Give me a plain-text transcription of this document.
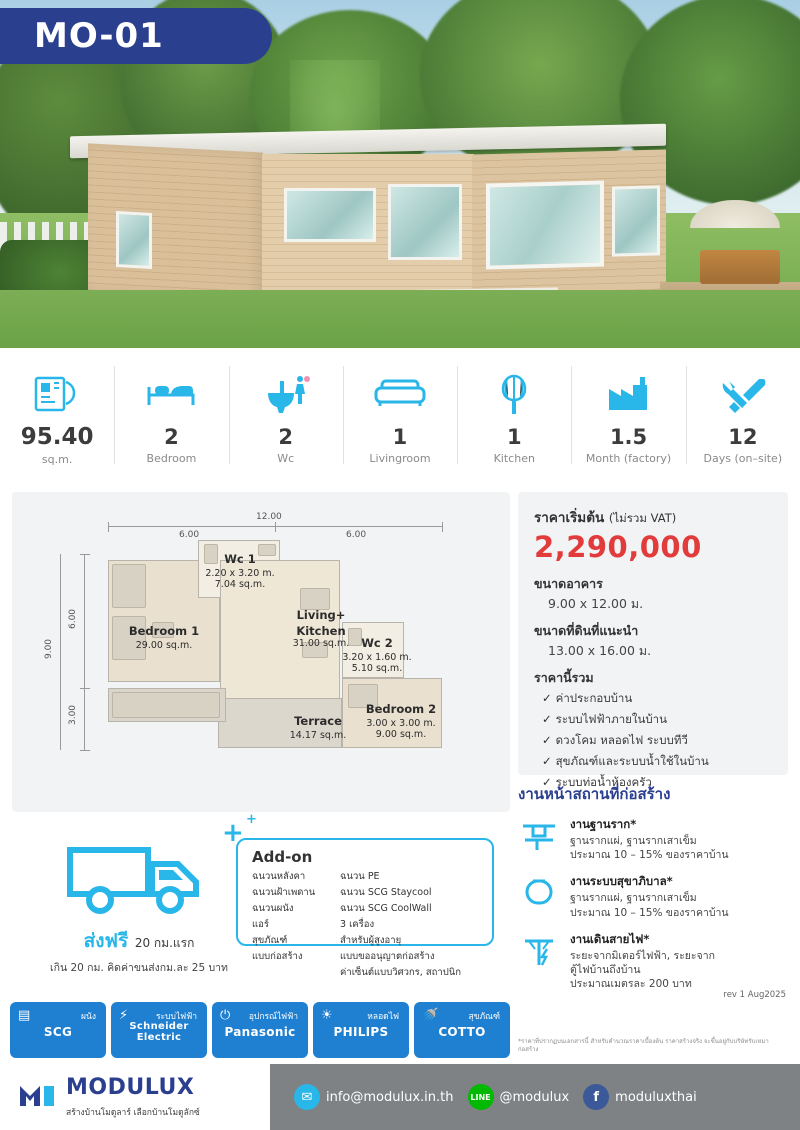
MO-01
95.40
sq.m.
2
Bedroom
2
Wc
1
Livingroom
1
Kitchen
1.5
Month (factory)
12
Days (on–site)
12.00
6.00	6.00
6.00
3.00
9.00
Wc 1
2.20 x 3.20 m.
7.04 sq.m.
Bedroom 1
29.00 sq.m.
Living+
Kitchen
31.00 sq.m.	Wc 2
3.20 x 1.60 m.
5.10 sq.m.
Bedroom 2
3.00 x 3.00 m.
9.00 sq.m.
Terrace
14.17 sq.m.
ราคาเริ่มต้น (ไม่รวม VAT)
2,290,000
ขนาดอาคาร
9.00 x 12.00 ม.
ขนาดที่ดินที่แนะนำ
13.00 x 16.00 ม.
ราคานี้รวม
✓ ค่าประกอบบ้าน
✓ ระบบไฟฟ้าภายในบ้าน
✓ ดวงโคม หลอดไฟ ระบบทีวี
✓ สุขภัณฑ์และระบบน้ำใช้ในบ้าน
✓ ระบบท่อน้ำห้องครัว
งานหน้าสถานที่ก่อสร้าง
งานฐานราก*
ฐานรากแผ่, ฐานรากเสาเข็ม
ประมาณ 10 – 15% ของราคาบ้าน
งานระบบสุขาภิบาล*
ฐานรากแผ่, ฐานรากเสาเข็ม
ประมาณ 10 – 15% ของราคาบ้าน
งานเดินสายไฟ*
ระยะจากมิเตอร์ไฟฟ้า, ระยะจาก
ตู้ไฟบ้านถึงบ้าน
ประมาณเมตรละ 200 บาท
*ราคาที่ปรากฏบนเอกสารนี้ สำหรับคำนวณราคาเบื้องต้น ราคาสร้างจริง จะขึ้นอยู่กับบริษัทรับเหมาก่อสร้าง
ส่งฟรี 20 กม.แรก
เกิน 20 กม. คิดค่าขนส่งกม.ละ 25 บาท
+ +
Add-on
ฉนวนหลังคา	ฉนวน PE
ฉนวนฝ้าเพดาน	ฉนวน SCG Staycool
ฉนวนผนัง	ฉนวน SCG CoolWall
แอร์	3 เครื่อง
สุขภัณฑ์	สำหรับผู้สูงอายุ
แบบก่อสร้าง	แบบขออนุญาตก่อสร้าง
ค่าเซ็นต์แบบวิศวกร, สถาปนิก
▤	ผนัง
SCG
⚡	ระบบไฟฟ้า
Schneider Electric
⏻ อุปกรณ์ไฟฟ้า
Panasonic
☀	หลอดไฟ
PHILIPS
🚿	สุขภัณฑ์
COTTO
rev 1 Aug2025
MODULUX
สร้างบ้านโมดูลาร์ เลือกบ้านโมดูลักซ์
✉	info@modulux.in.th	LINE @modulux	f	moduluxthai
